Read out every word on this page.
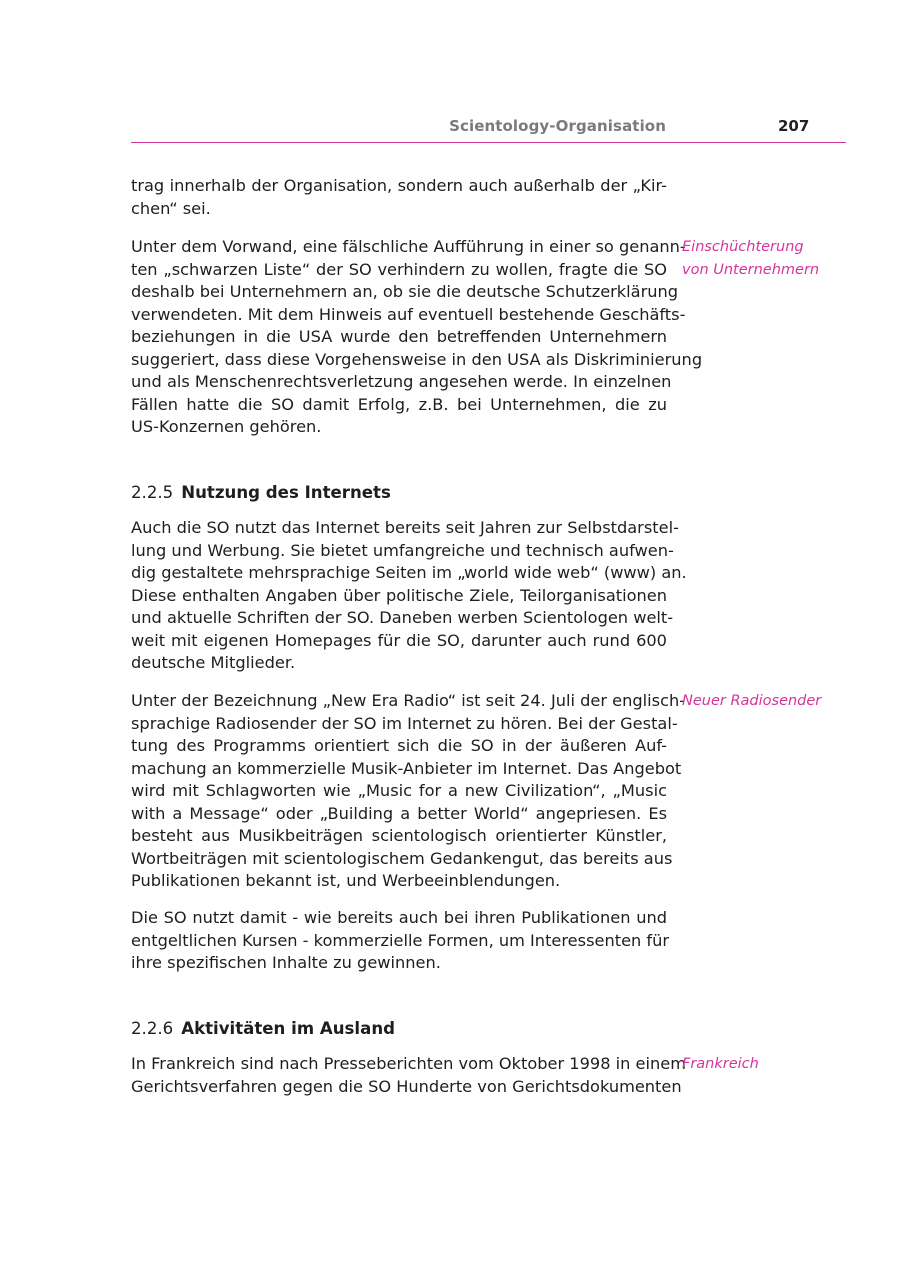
Scientology-Organisation	207

trag innerhalb der Organisation, sondern auch außerhalb der „Kir-
chen“ sei.

Unter dem Vorwand, eine fälschliche Aufführung in einer so genann-
ten „schwarzen Liste“ der SO verhindern zu wollen, fragte die SO
deshalb bei Unternehmern an, ob sie die deutsche Schutzerklärung
verwendeten. Mit dem Hinweis auf eventuell bestehende Geschäfts-
beziehungen in die USA wurde den betreffenden Unternehmern
suggeriert, dass diese Vorgehensweise in den USA als Diskriminierung
und als Menschenrechtsverletzung angesehen werde. In einzelnen
Fällen hatte die SO damit Erfolg, z.B. bei Unternehmen, die zu
US-Konzernen gehören.

Einschüchterung
von Unternehmern
2.2.5 Nutzung des Internets

Auch die SO nutzt das Internet bereits seit Jahren zur Selbstdarstel-
lung und Werbung. Sie bietet umfangreiche und technisch aufwen-
dig gestaltete mehrsprachige Seiten im „world wide web“ (www) an.
Diese enthalten Angaben über politische Ziele, Teilorganisationen
und aktuelle Schriften der SO. Daneben werben Scientologen welt-
weit mit eigenen Homepages für die SO, darunter auch rund 600
deutsche Mitglieder.

Unter der Bezeichnung „New Era Radio“ ist seit 24. Juli der englisch-
sprachige Radiosender der SO im Internet zu hören. Bei der Gestal-
tung des Programms orientiert sich die SO in der äußeren Auf-
machung an kommerzielle Musik-Anbieter im Internet. Das Angebot
wird mit Schlagworten wie „Music for a new Civilization“, „Music
with a Message“ oder „Building a better World“ angepriesen. Es
besteht aus Musikbeiträgen scientologisch orientierter Künstler,
Wortbeiträgen mit scientologischem Gedankengut, das bereits aus
Publikationen bekannt ist, und Werbeeinblendungen.

Neuer Radiosender

Die SO nutzt damit - wie bereits auch bei ihren Publikationen und
entgeltlichen Kursen - kommerzielle Formen, um Interessenten für
ihre spezifischen Inhalte zu gewinnen.

2.2.6 Aktivitäten im Ausland

In Frankreich sind nach Presseberichten vom Oktober 1998 in einem
Gerichtsverfahren gegen die SO Hunderte von Gerichtsdokumenten

Frankreich
